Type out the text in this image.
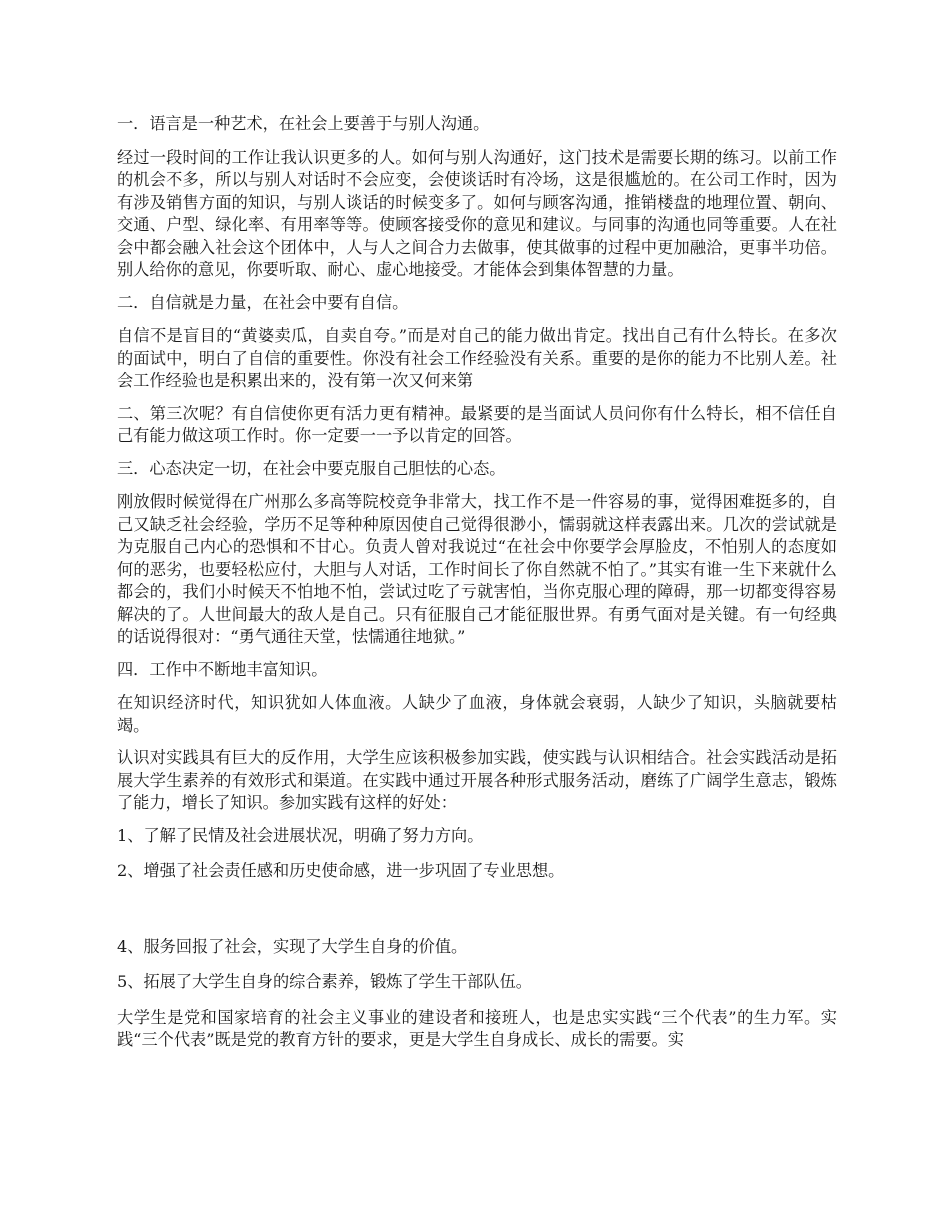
一．语言是一种艺术，在社会上要善于与别人沟通。

经过一段时间的工作让我认识更多的人。如何与别人沟通好，这门技术是需要长期的练习。以前工作的机会不多，所以与别人对话时不会应变，会使谈话时有冷场，这是很尴尬的。在公司工作时，因为有涉及销售方面的知识，与别人谈话的时候变多了。如何与顾客沟通，推销楼盘的地理位置、朝向、交通、户型、绿化率、有用率等等。使顾客接受你的意见和建议。与同事的沟通也同等重要。人在社会中都会融入社会这个团体中，人与人之间合力去做事，使其做事的过程中更加融洽，更事半功倍。别人给你的意见，你要听取、耐心、虚心地接受。才能体会到集体智慧的力量。

二．自信就是力量，在社会中要有自信。

自信不是盲目的“黄婆卖瓜，自卖自夸。”而是对自己的能力做出肯定。找出自己有什么特长。在多次的面试中，明白了自信的重要性。你没有社会工作经验没有关系。重要的是你的能力不比别人差。社会工作经验也是积累出来的，没有第一次又何来第

二、第三次呢？有自信使你更有活力更有精神。最紧要的是当面试人员问你有什么特长，相不信任自己有能力做这项工作时。你一定要一一予以肯定的回答。

三．心态决定一切，在社会中要克服自己胆怯的心态。

刚放假时候觉得在广州那么多高等院校竞争非常大，找工作不是一件容易的事，觉得困难挺多的，自己又缺乏社会经验，学历不足等种种原因使自己觉得很渺小，懦弱就这样表露出来。几次的尝试就是为克服自己内心的恐惧和不甘心。负责人曾对我说过“在社会中你要学会厚脸皮，不怕别人的态度如何的恶劣，也要轻松应付，大胆与人对话，工作时间长了你自然就不怕了。”其实有谁一生下来就什么都会的，我们小时候天不怕地不怕，尝试过吃了亏就害怕，当你克服心理的障碍，那一切都变得容易解决的了。人世间最大的敌人是自己。只有征服自己才能征服世界。有勇气面对是关键。有一句经典的话说得很对：“勇气通往天堂，怯懦通往地狱。”

四．工作中不断地丰富知识。

在知识经济时代，知识犹如人体血液。人缺少了血液，身体就会衰弱，人缺少了知识，头脑就要枯竭。

认识对实践具有巨大的反作用，大学生应该积极参加实践，使实践与认识相结合。社会实践活动是拓展大学生素养的有效形式和渠道。在实践中通过开展各种形式服务活动，磨练了广阔学生意志，锻炼了能力，增长了知识。参加实践有这样的好处：

1、了解了民情及社会进展状况，明确了努力方向。

2、增强了社会责任感和历史使命感，进一步巩固了专业思想。

4、服务回报了社会，实现了大学生自身的价值。

5、拓展了大学生自身的综合素养，锻炼了学生干部队伍。

大学生是党和国家培育的社会主义事业的建设者和接班人，也是忠实实践“三个代表”的生力军。实践“三个代表”既是党的教育方针的要求，更是大学生自身成长、成长的需要。实
